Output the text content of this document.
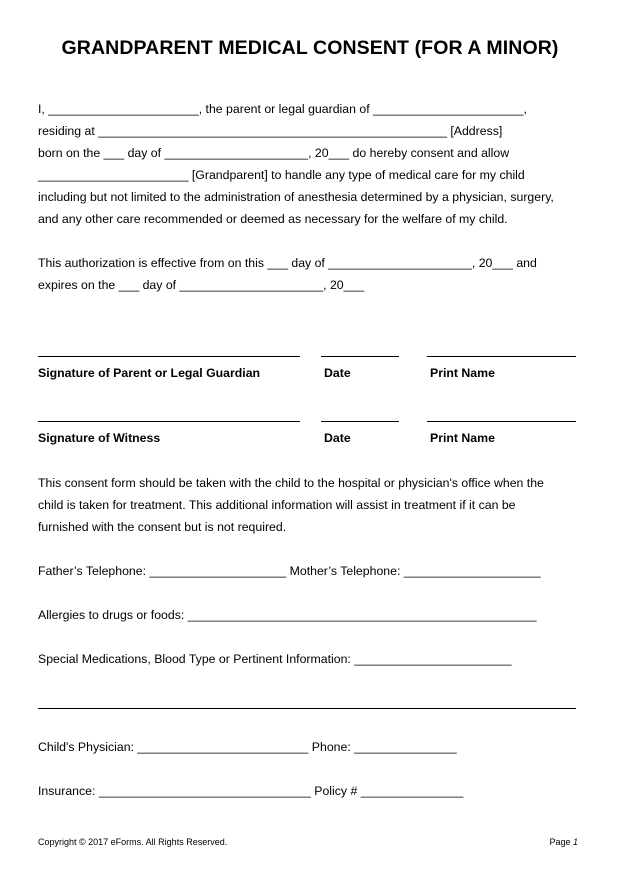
GRANDPARENT MEDICAL CONSENT (FOR A MINOR)
I, ______________________, the parent or legal guardian of ______________________,
residing at ___________________________________________________ [Address]
born on the ___ day of _____________________, 20___ do hereby consent and allow
______________________ [Grandparent] to handle any type of medical care for my child
including but not limited to the administration of anesthesia determined by a physician, surgery,
and any other care recommended or deemed as necessary for the welfare of my child.
This authorization is effective from on this ___ day of _____________________, 20___ and
expires on the ___ day of _____________________, 20___
Signature of Parent or Legal Guardian	Date	Print Name
Signature of Witness	Date	Print Name
This consent form should be taken with the child to the hospital or physician's office when the
child is taken for treatment. This additional information will assist in treatment if it can be
furnished with the consent but is not required.
Father’s Telephone: ____________________ Mother’s Telephone: ____________________
Allergies to drugs or foods: ___________________________________________________
Special Medications, Blood Type or Pertinent Information: _______________________
Child's Physician: _________________________ Phone: _______________
Insurance: _______________________________ Policy # _______________
Copyright © 2017 eForms. All Rights Reserved.	Page 1
